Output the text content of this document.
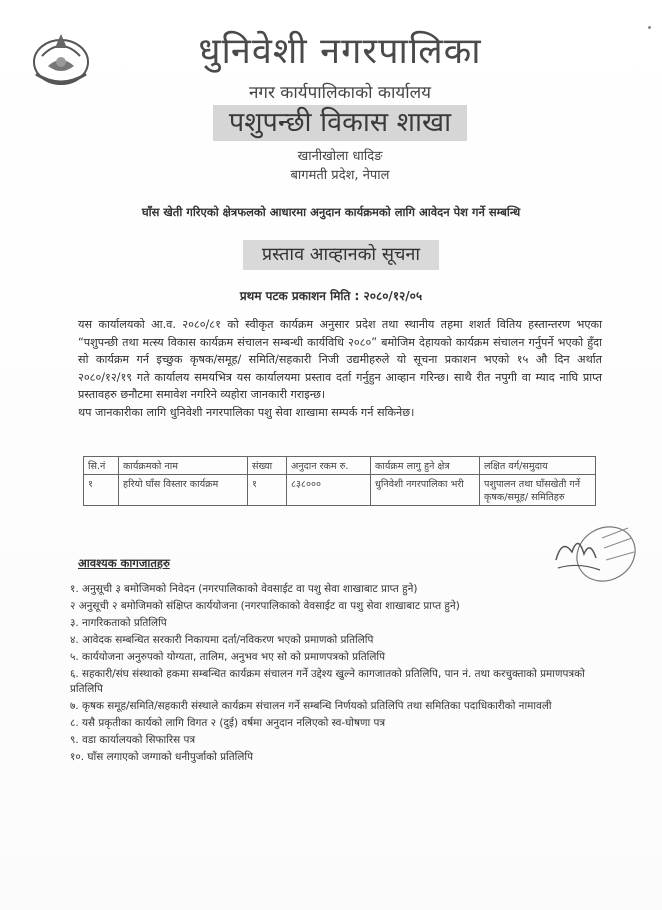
धुनिवेशी नगरपालिका
नगर कार्यपालिकाको कार्यालय
पशुपन्छी विकास शाखा
खानीखोला धादिङ
बागमती प्रदेश, नेपाल
घाँस खेती गरिएको क्षेत्रफलको आधारमा अनुदान कार्यक्रमको लागि आवेदन पेश गर्ने सम्बन्धि
प्रस्ताव आव्हानको सूचना
प्रथम पटक प्रकाशन मिति : २०८०/१२/०५

यस कार्यालयको आ.व. २०८०/८१ को स्वीकृत कार्यक्रम अनुसार प्रदेश तथा स्थानीय तहमा शशर्त वितिय हस्तान्तरण भएका “पशुपन्छी तथा मत्स्य विकास कार्यक्रम संचालन सम्बन्धी कार्यविधि २०८०” बमोजिम देहायको कार्यक्रम संचालन गर्नुपर्ने भएको हुँदा सो कार्यक्रम गर्न इच्छुक कृषक/समूह/ समिति/सहकारी निजी उद्यमीहरुले यो सूचना प्रकाशन भएको १५ औ दिन अर्थात २०८०/१२/१९ गते कार्यालय समयभित्र यस कार्यालयमा प्रस्ताव दर्ता गर्नुहुन आव्हान गरिन्छ। साथै रीत नपुगी वा म्याद नाघि प्राप्त प्रस्तावहरु छनौटमा समावेश नगरिने व्यहोरा जानकारी गराइन्छ।

थप जानकारीका लागि धुनिवेशी नगरपालिका पशु सेवा शाखामा सम्पर्क गर्न सकिनेछ।

सि.नं	कार्यक्रमको नाम	संख्या	अनुदान रकम रु.	कार्यक्रम लागु हुने क्षेत्र	लक्षित वर्ग/समुदाय
१	हरियो घाँस विस्तार कार्यक्रम	१	८३८०००	धुनिवेशी नगरपालिका भरी	पशुपालन तथा घाँसखेती गर्ने कृषक/समूह/ समितिहरु
आवश्यक कागजातहरु
१. अनुसूची ३ बमोजिमको निवेदन (नगरपालिकाको वेवसाईट वा पशु सेवा शाखाबाट प्राप्त हुने)
२ अनुसूची २ बमोजिमको संक्षिप्त कार्ययोजना (नगरपालिकाको वेवसाईट वा पशु सेवा शाखाबाट प्राप्त हुने)
३. नागरिकताको प्रतिलिपि
४. आवेदक सम्बन्धित सरकारी निकायमा दर्ता/नविकरण भएको प्रमाणको प्रतिलिपि
५. कार्ययोजना अनुरुपको योग्यता, तालिम, अनुभव भए सो को प्रमाणपत्रको प्रतिलिपि
६. सहकारी/संघ संस्थाको हकमा सम्बन्धित कार्यक्रम संचालन गर्ने उद्देश्य खुल्ने कागजातको प्रतिलिपि, पान नं. तथा करचुक्ताको प्रमाणपत्रको प्रतिलिपि
७. कृषक समूह/समिति/सहकारी संस्थाले कार्यक्रम संचालन गर्ने सम्बन्धि निर्णयको प्रतिलिपि तथा समितिका पदाधिकारीको नामावली
८. यसै प्रकृतीका कार्यको लागि विगत २ (दुई) वर्षमा अनुदान नलिएको स्व-घोषणा पत्र
९. वडा कार्यालयको सिफारिस पत्र
१०. घाँस लगाएको जग्गाको धनीपुर्जाको प्रतिलिपि
